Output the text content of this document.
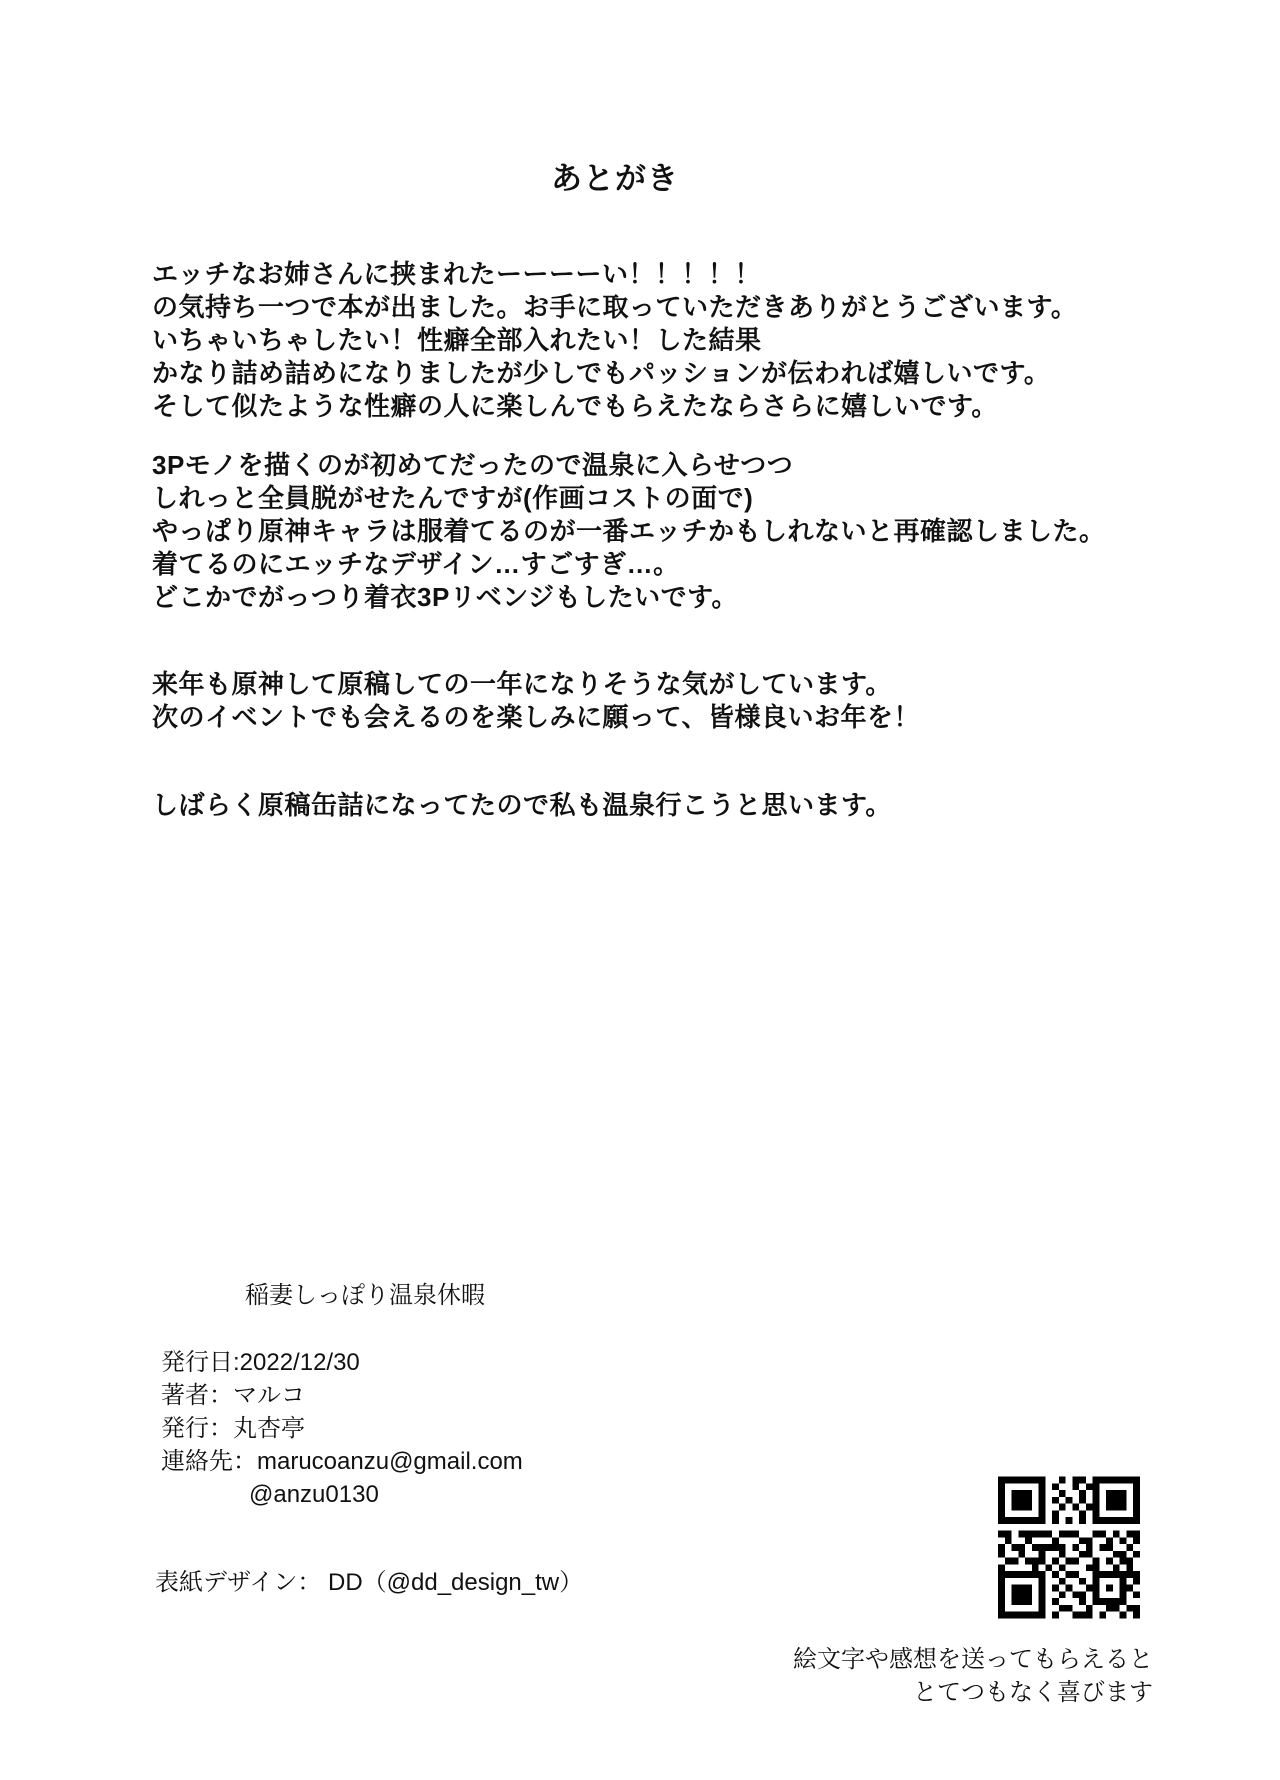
あとがき
エッチなお姉さんに挟まれたーーーーい！！！！！
の気持ち一つで本が出ました。お手に取っていただきありがとうございます。
いちゃいちゃしたい！性癖全部入れたい！した結果
かなり詰め詰めになりましたが少しでもパッションが伝われば嬉しいです。
そして似たような性癖の人に楽しんでもらえたならさらに嬉しいです。
3Pモノを描くのが初めてだったので温泉に入らせつつ
しれっと全員脱がせたんですが(作画コストの面で)
やっぱり原神キャラは服着てるのが一番エッチかもしれないと再確認しました。
着てるのにエッチなデザイン…すごすぎ…。
どこかでがっつり着衣3Pリベンジもしたいです。
来年も原神して原稿しての一年になりそうな気がしています。
次のイベントでも会えるのを楽しみに願って、皆様良いお年を！
しばらく原稿缶詰になってたので私も温泉行こうと思います。
稲妻しっぽり温泉休暇
発行日:2022/12/30
著者：マルコ
発行：丸杏亭
連絡先：marucoanzu@gmail.com
@anzu0130
表紙デザイン： DD（@dd_design_tw）
絵文字や感想を送ってもらえると
とてつもなく喜びます
